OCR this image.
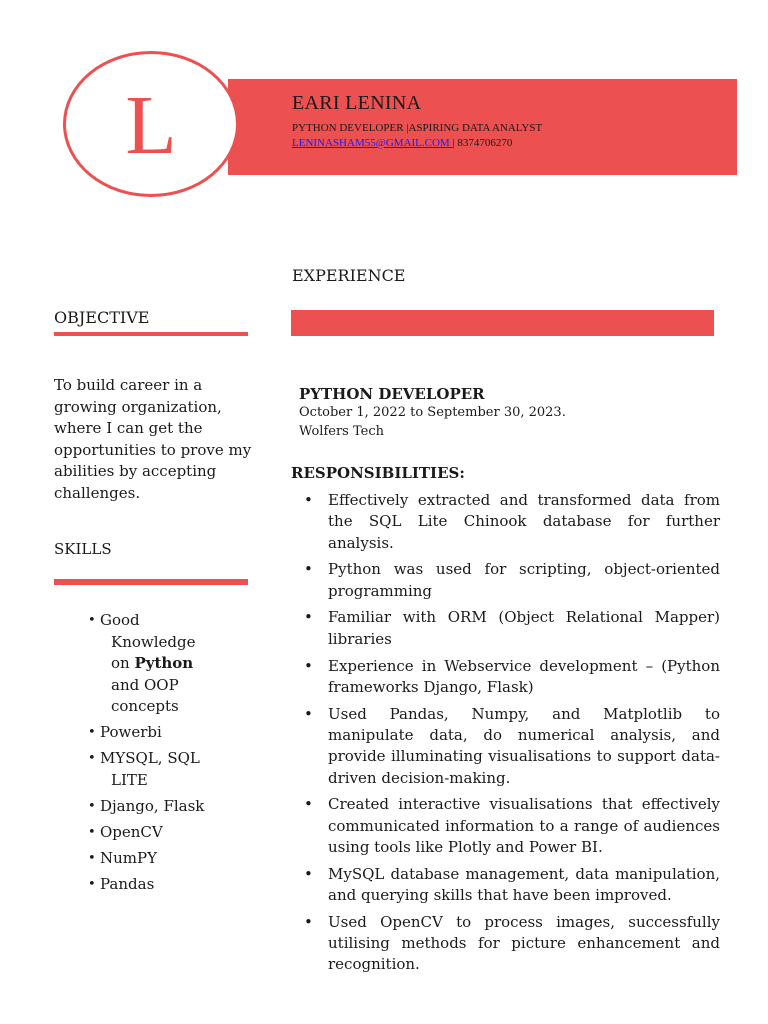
L	EARI LENINA
PYTHON DEVELOPER |ASPIRING DATA ANALYST
LENINASHAM55@GMAIL.COM | 8374706270
EXPERIENCE
PYTHON DEVELOPER
October 1, 2022 to September 30, 2023.
Wolfers Tech
RESPONSIBILITIES:
• Effectively extracted and transformed data from the SQL Lite Chinook database for further analysis.
• Python was used for scripting, object-oriented programming
• Familiar with ORM (Object Relational Mapper) libraries
• Experience in Webservice development – (Python frameworks Django, Flask)
• Used Pandas, Numpy, and Matplotlib to manipulate data, do numerical analysis, and provide illuminating visualisations to support data-driven decision-making.
• Created interactive visualisations that effectively communicated information to a range of audiences using tools like Plotly and Power BI.
• MySQL database management, data manipulation, and querying skills that have been improved.
• Used OpenCV to process images, successfully utilising methods for picture enhancement and recognition.
OBJECTIVE
To build career in a growing organization, where I can get the opportunities to prove my abilities by accepting challenges.
SKILLS
• Good
Knowledge
on Python
and OOP
concepts
• Powerbi
• MYSQL, SQL
LITE
• Django, Flask
• OpenCV
• NumPY
• Pandas
